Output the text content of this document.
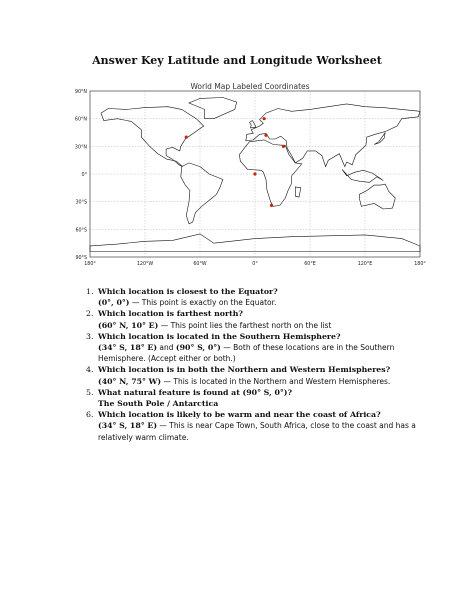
Answer Key Latitude and Longitude Worksheet
World Map Labeled Coordinates
90°N
60°N
30°N
0°
30°S
60°S
90°S
180°	120°W	60°W	0°	60°E	120°E	180°
1. Which location is closest to the Equator?
(0°, 0°) — This point is exactly on the Equator.
2. Which location is farthest north?
(60° N, 10° E) — This point lies the farthest north on the list
3. Which location is located in the Southern Hemisphere?
(34° S, 18° E) and (90° S, 0°) — Both of these locations are in the Southern Hemisphere. (Accept either or both.)
4. Which location is in both the Northern and Western Hemispheres?
(40° N, 75° W) — This is located in the Northern and Western Hemispheres.
5. What natural feature is found at (90° S, 0°)?
The South Pole / Antarctica
6. Which location is likely to be warm and near the coast of Africa?
(34° S, 18° E) — This is near Cape Town, South Africa, close to the coast and has a relatively warm climate.
